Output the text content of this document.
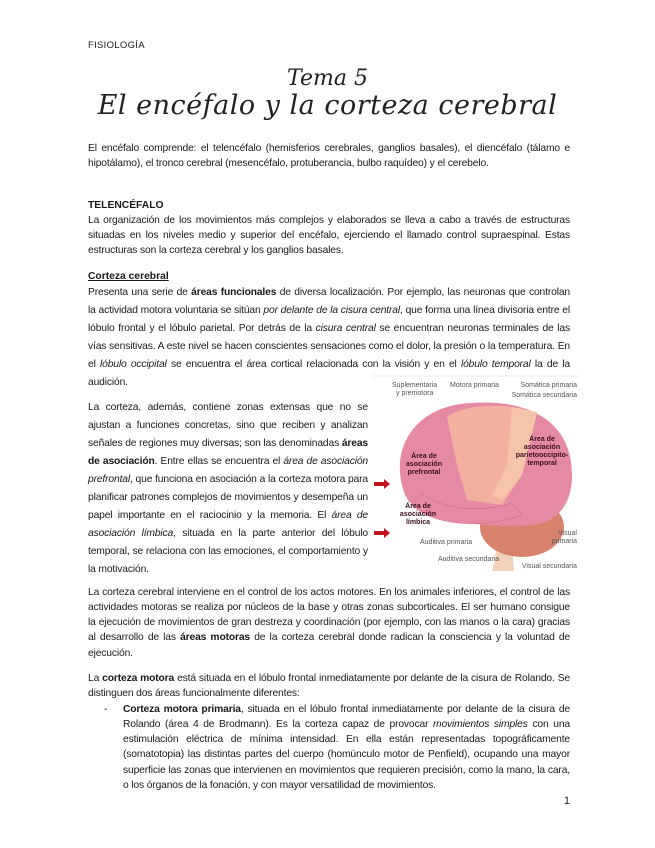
FISIOLOGÍA
Tema 5
El encéfalo y la corteza cerebral
El encéfalo comprende: el telencéfalo (hemisferios cerebrales, ganglios basales), el diencéfalo (tálamo e hipotálamo), el tronco cerebral (mesencéfalo, protuberancia, bulbo raquídeo) y el cerebelo.
TELENCÉFALO
La organización de los movimientos más complejos y elaborados se lleva a cabo a través de estructuras situadas en los niveles medio y superior del encéfalo, ejerciendo el llamado control supraespinal. Estas estructuras son la corteza cerebral y los ganglios basales.
Corteza cerebral
Presenta una serie de áreas funcionales de diversa localización. Por ejemplo, las neuronas que controlan la actividad motora voluntaria se sitúan por delante de la cisura central, que forma una línea divisoria entre el lóbulo frontal y el lóbulo parietal. Por detrás de la cisura central se encuentran neuronas terminales de las vías sensitivas. A este nivel se hacen conscientes sensaciones como el dolor, la presión o la temperatura. En el lóbulo occipital se encuentra el área cortical relacionada con la visión y en el lóbulo temporal la de la audición.
La corteza, además, contiene zonas extensas que no se ajustan a funciones concretas, sino que reciben y analizan señales de regiones muy diversas; son las denominadas áreas de asociación. Entre ellas se encuentra el área de asociación prefrontal, que funciona en asociación a la corteza motora para planificar patrones complejos de movimientos y desempeña un papel importante en el raciocinio y la memoria. El área de asociación límbica, situada en la parte anterior del lóbulo temporal, se relaciona con las emociones, el comportamiento y la motivación.
Suplementaria
y premotora
Motora primaria	Somática primaria
Somática secundaria
Área de
asociación
prefrontal
Área de
asociación
parietooccipito-
temporal
Área de
asociación
límbica
Auditiva primaria
Auditiva secundaria
Visual
primaria
Visual secundaria
La corteza cerebral interviene en el control de los actos motores. En los animales inferiores, el control de las actividades motoras se realiza por núcleos de la base y otras zonas subcorticales. El ser humano consigue la ejecución de movimientos de gran destreza y coordinación (por ejemplo, con las manos o la cara) gracias al desarrollo de las áreas motoras de la corteza cerebral donde radican la consciencia y la voluntad de ejecución.
La corteza motora está situada en el lóbulo frontal inmediatamente por delante de la cisura de Rolando. Se distinguen dos áreas funcionalmente diferentes:
-	Corteza motora primaria, situada en el lóbulo frontal inmediatamente por delante de la cisura de Rolando (área 4 de Brodmann). Es la corteza capaz de provocar movimientos simples con una estimulación eléctrica de mínima intensidad. En ella están representadas topográficamente (somatotopia) las distintas partes del cuerpo (homúnculo motor de Penfield), ocupando una mayor superficie las zonas que intervienen en movimientos que requieren precisión, como la mano, la cara, o los órganos de la fonación, y con mayor versatilidad de movimientos.
1
